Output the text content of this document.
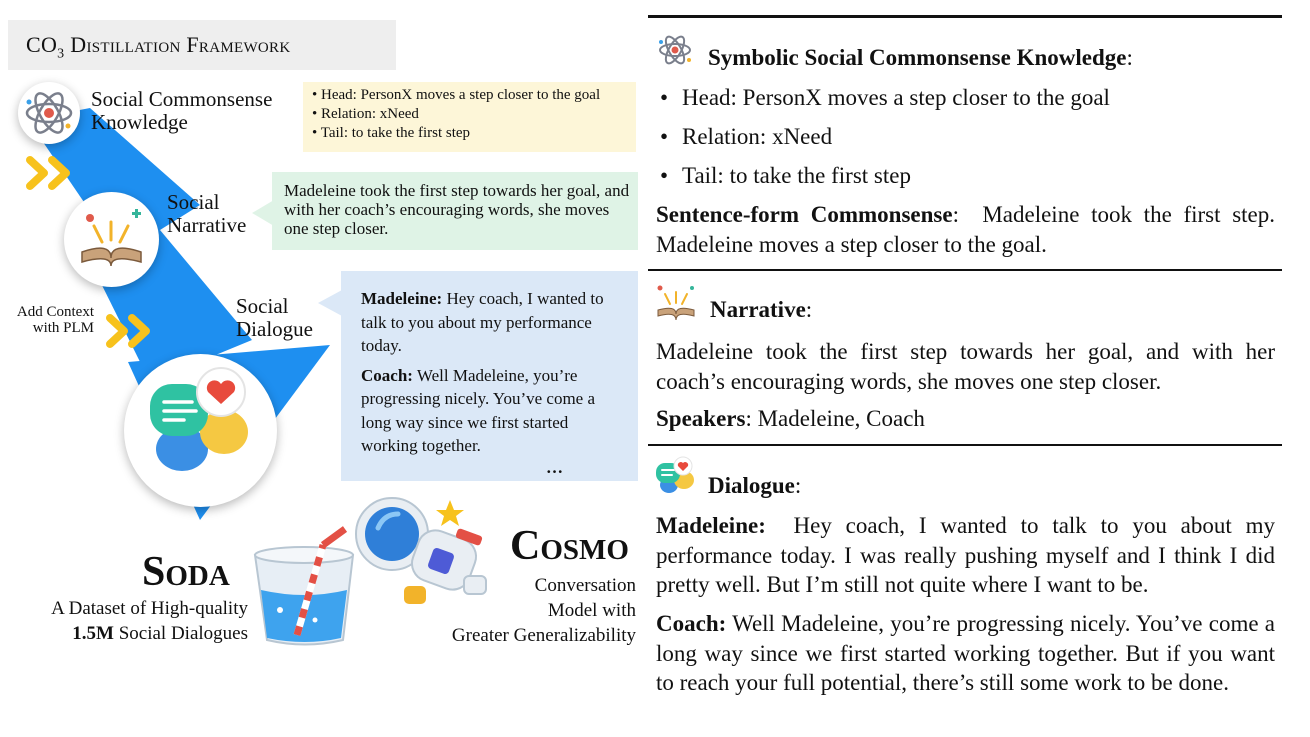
$CO_3$ Distillation Framework
Social Commonsense Knowledge
• Head: PersonX moves a step closer to the goal
• Relation: xNeed
• Tail: to take the first step
Social Narrative
Madeleine took the first step towards her goal, and with her coach’s encouraging words, she moves one step closer.
Add Context with PLM
Social Dialogue
Madeleine: Hey coach, I wanted to talk to you about my performance today.
Coach: Well Madeleine, you’re progressing nicely. You’ve come a long way since we first started working together.
…
Soda
A Dataset of High-quality
1.5M Social Dialogues
Cosmo
Conversation
Model with
Greater Generalizability
Symbolic Social Commonsense Knowledge:
• Head: PersonX moves a step closer to the goal
• Relation: xNeed
• Tail: to take the first step
Sentence-form Commonsense:  Madeleine took the first step. Madeleine moves a step closer to the goal.
Narrative:
Madeleine took the first step towards her goal, and with her coach’s encouraging words, she moves one step closer.
Speakers: Madeleine, Coach
Dialogue:
Madeleine: Hey coach, I wanted to talk to you about my performance today. I was really pushing myself and I think I did pretty well. But I’m still not quite where I want to be.
Coach: Well Madeleine, you’re progressing nicely. You’ve come a long way since we first started working together. But if you want to reach your full potential, there’s still some work to be done.
